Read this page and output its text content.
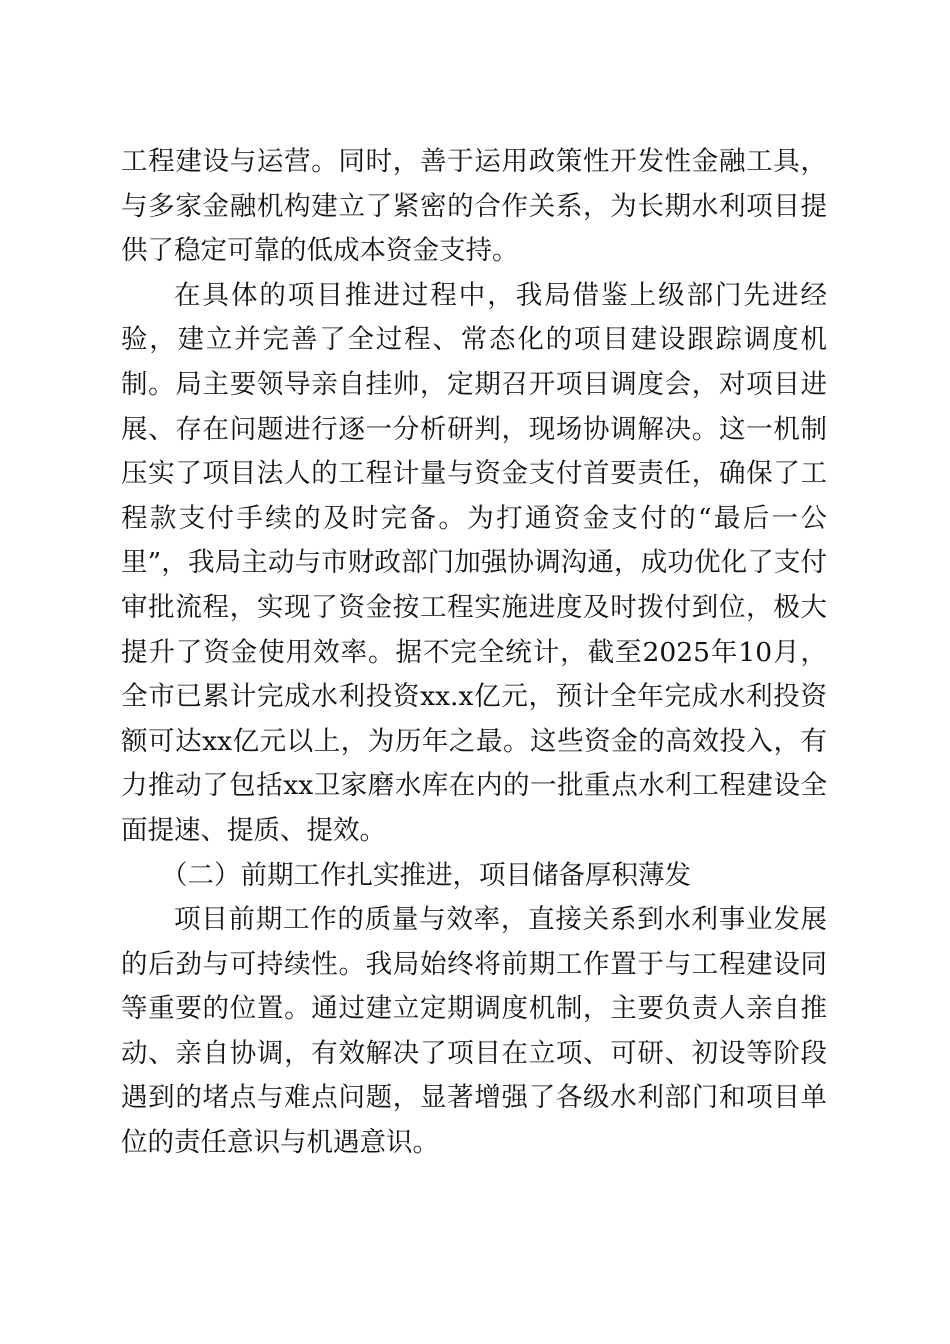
工程建设与运营。同时，善于运用政策性开发性金融工具，与多家金融机构建立了紧密的合作关系，为长期水利项目提供了稳定可靠的低成本资金支持。

在具体的项目推进过程中，我局借鉴上级部门先进经验，建立并完善了全过程、常态化的项目建设跟踪调度机制。局主要领导亲自挂帅，定期召开项目调度会，对项目进展、存在问题进行逐一分析研判，现场协调解决。这一机制压实了项目法人的工程计量与资金支付首要责任，确保了工程款支付手续的及时完备。为打通资金支付的“最后一公里”，我局主动与市财政部门加强协调沟通，成功优化了支付审批流程，实现了资金按工程实施进度及时拨付到位，极大提升了资金使用效率。据不完全统计，截至2025年10月，全市已累计完成水利投资xx.x亿元，预计全年完成水利投资额可达xx亿元以上，为历年之最。这些资金的高效投入，有力推动了包括xx卫家磨水库在内的一批重点水利工程建设全面提速、提质、提效。

（二）前期工作扎实推进，项目储备厚积薄发

项目前期工作的质量与效率，直接关系到水利事业发展的后劲与可持续性。我局始终将前期工作置于与工程建设同等重要的位置。通过建立定期调度机制，主要负责人亲自推动、亲自协调，有效解决了项目在立项、可研、初设等阶段遇到的堵点与难点问题，显著增强了各级水利部门和项目单位的责任意识与机遇意识。
